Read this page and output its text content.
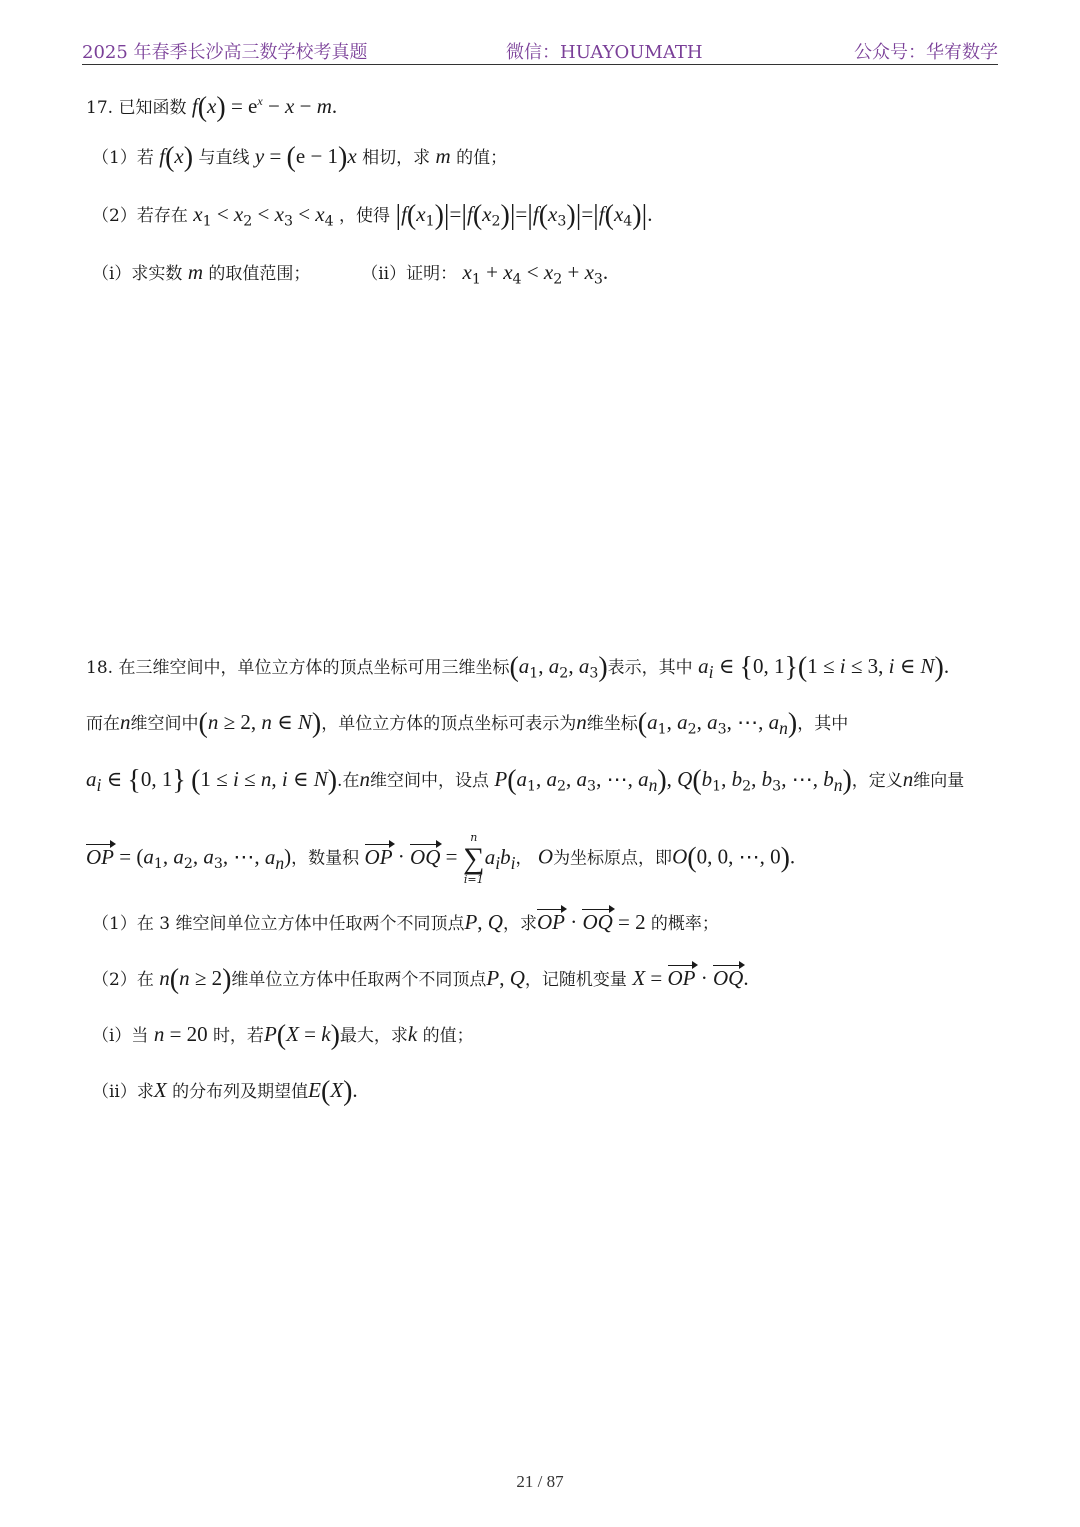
2025 年春季长沙高三数学校考真题	微信：HUAYOUMATH	公众号：华宥数学
17. 已知函数 $f(x) = e^x - x - m$.
（1）若 f(x) 与直线 y = (e − 1)x 相切，求 m 的值；
（2）若存在 $x_1 < x_2 < x_3 < x_4$ ，使得 $|f(x_1)|=|f(x_2)|=|f(x_3)|=|f(x_4)|$.
（i）求实数 m 的取值范围；	（ii）证明： $x_1 + x_4 < x_2 + x_3$.
18. 在三维空间中，单位立方体的顶点坐标可用三维坐标($a_1$, $a_2$, $a_3$)表示，其中 $a_i$ ∈ {0, 1}(1 ≤ i ≤ 3, i ∈ N).
而在n维空间中(n ≥ 2, n ∈ N)，单位立方体的顶点坐标可表示为n维坐标($a_1$, $a_2$, $a_3$, ⋯, $a_n$)，其中
$a_i$ ∈ {0, 1} (1 ≤ i ≤ n, i ∈ N).在n维空间中，设点 $P(a_1$, $a_2$, $a_3$, ⋯, $a_n$), $Q(b_1$, $b_2$, $b_3$, ⋯, $b_n$)，定义n维向量
OP = ($a_1$, $a_2$, $a_3$, ⋯, $a_n$)，数量积 OP · OQ =
n
∑
i=1
$a_ib_i$， O为坐标原点，即O(0, 0, ⋯, 0).
（1）在 3 维空间单位立方体中任取两个不同顶点P, Q，求OP · OQ = 2 的概率；
（2）在 n(n ≥ 2)维单位立方体中任取两个不同顶点P, Q，记随机变量 X = OP · OQ.
（i）当 n = 20 时，若P(X = k)最大，求k 的值；
（ii）求X 的分布列及期望值E(X).
21 / 87
